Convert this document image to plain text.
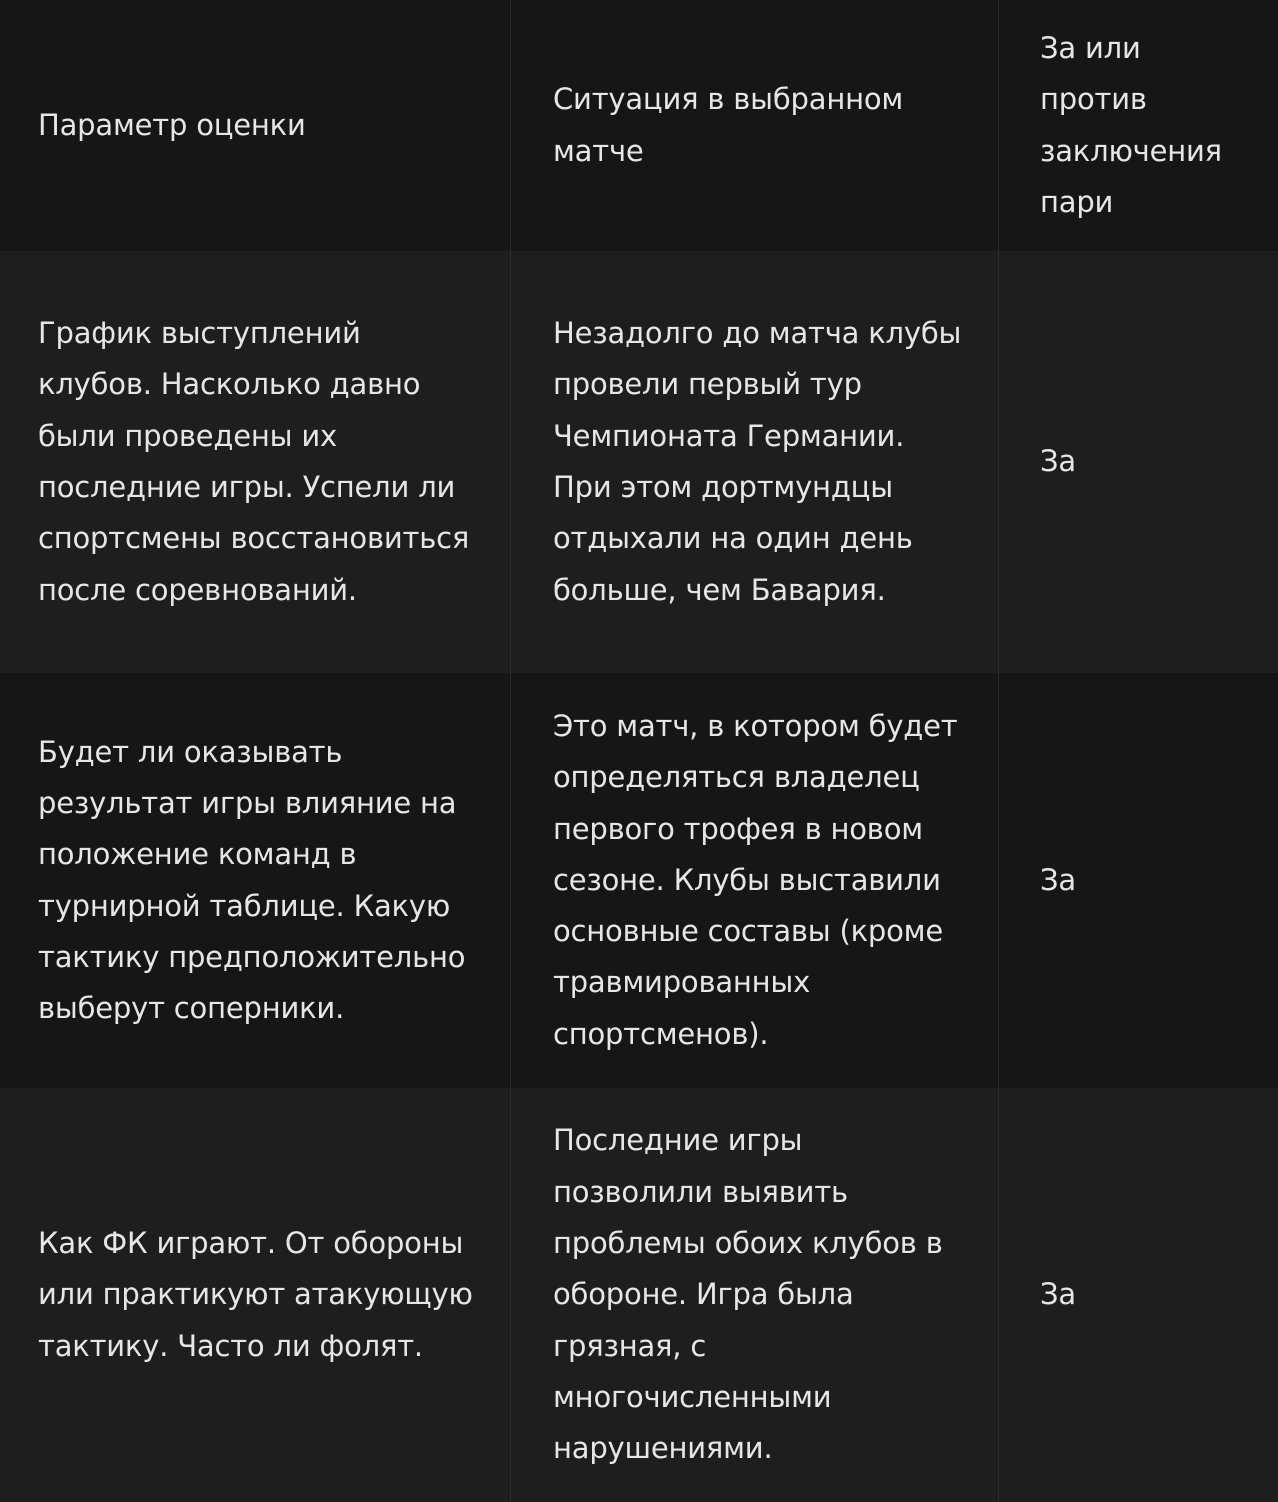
Параметр оценки
Ситуация в выбранном матче
За или против заключения пари
График выступлений клубов. Насколько давно были проведены их последние игры. Успели ли спортсмены восстановиться после соревнований.
Незадолго до матча клубы провели первый тур Чемпионата Германии. При этом дортмундцы отдыхали на один день больше, чем Бавария.
За
Будет ли оказывать результат игры влияние на положение команд в турнирной таблице. Какую тактику предположительно выберут соперники.
Это матч, в котором будет определяться владелец первого трофея в новом сезоне. Клубы выставили основные составы (кроме травмированных спортсменов).
За
Как ФК играют. От обороны или практикуют атакующую тактику. Часто ли фолят.
Последние игры позволили выявить проблемы обоих клубов в обороне. Игра была грязная, с многочисленными нарушениями.
За
